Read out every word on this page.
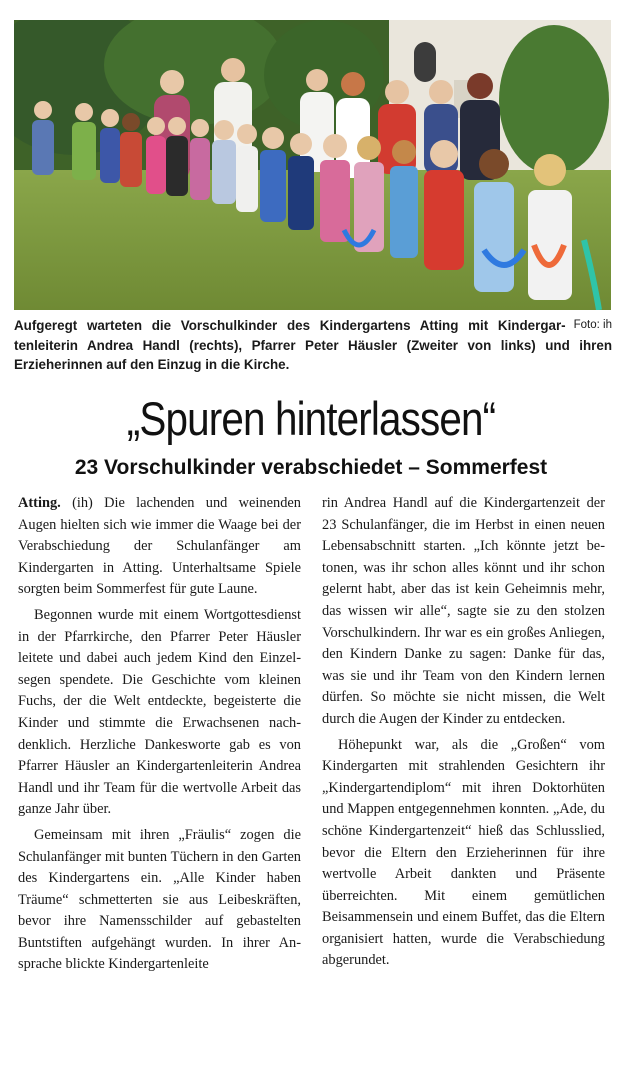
Foto: ih
Aufgeregt warteten die Vorschulkinder des Kindergartens Atting mit Kindergartenleiterin Andrea Handl (rechts), Pfarrer Peter Häusler (Zweiter von links) und ihren Erzieherinnen auf den Einzug in die Kirche.
„Spuren hinterlassen“
23 Vorschulkinder verabschiedet – Sommerfest

Atting. (ih) Die lachenden und weinenden Augen hielten sich wie immer die Waage bei der Verabschiedung der Schulanfänger am Kindergarten in Atting. Unterhaltsame Spiele sorgten beim Sommerfest für gute Laune.

Begonnen wurde mit einem Wortgottesdienst in der Pfarrkirche, den Pfarrer Peter Häusler leitete und dabei auch jedem Kind den Einzelsegen spendete. Die Geschichte vom kleinen Fuchs, der die Welt entdeckte, begeisterte die Kinder und stimmte die Erwachsenen nachdenklich. Herzliche Dankesworte gab es von Pfarrer Häusler an Kindergartenleiterin Andrea Handl und ihr Team für die wertvolle Arbeit das ganze Jahr über.

Gemeinsam mit ihren „Fräulis“ zogen die Schulanfänger mit bunten Tüchern in den Garten des Kindergartens ein. „Alle Kinder haben Träume“ schmetterten sie aus Leibeskräften, bevor ihre Namensschilder auf gebastelten Buntstiften aufgehängt wurden. In ihrer Ansprache blickte Kindergartenleite

rin Andrea Handl auf die Kindergartenzeit der 23 Schulanfänger, die im Herbst in einen neuen Lebensabschnitt starten. „Ich könnte jetzt betonen, was ihr schon alles könnt und ihr schon gelernt habt, aber das ist kein Geheimnis mehr, das wissen wir alle“, sagte sie zu den stolzen Vorschulkindern. Ihr war es ein großes Anliegen, den Kindern Danke zu sagen: Danke für das, was sie und ihr Team von den Kindern lernen dürfen. So möchte sie nicht missen, die Welt durch die Augen der Kinder zu entdecken.

Höhepunkt war, als die „Großen“ vom Kindergarten mit strahlenden Gesichtern ihr „Kindergartendiplom“ mit ihren Doktorhüten und Mappen entgegennehmen konnten. „Ade, du schöne Kindergartenzeit“ hieß das Schlusslied, bevor die Eltern den Erzieherinnen für ihre wertvolle Arbeit dankten und Präsente überreichten. Mit einem gemütlichen Beisammensein und einem Buffet, das die Eltern organisiert hatten, wurde die Verabschiedung abgerundet.
